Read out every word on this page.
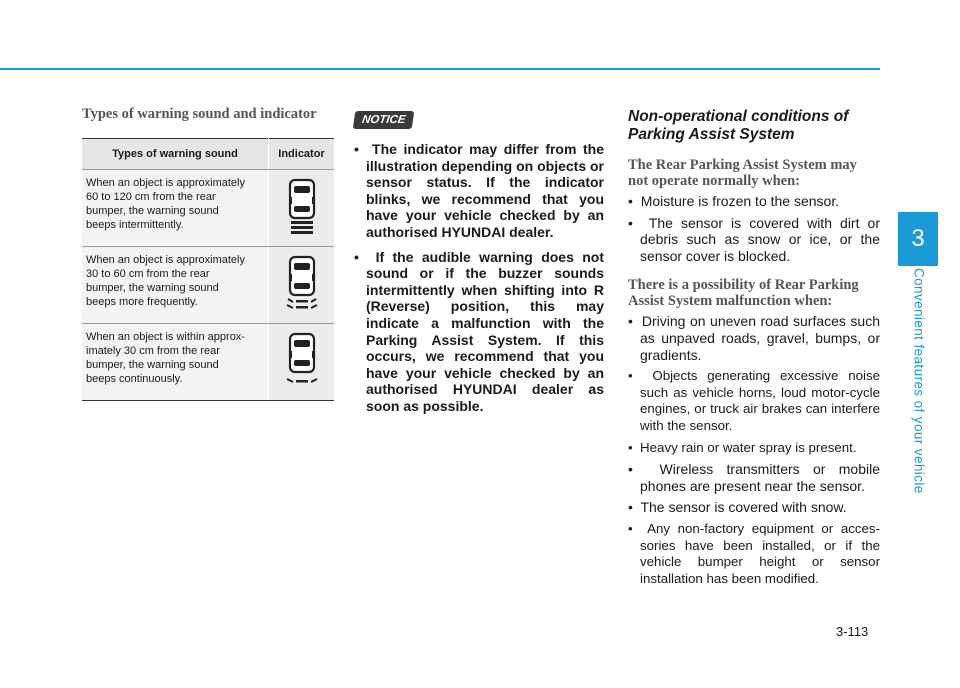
3
Convenient features of your vehicle
Types of warning sound and indicator
Types of warning sound	Indicator

When an object is approximately
60 to 120 cm from the rear
bumper, the warning sound
beeps intermittently.

When an object is approximately
30 to 60 cm from the rear
bumper, the warning sound
beeps more frequently.

When an object is within approx-
imately 30 cm from the rear
bumper, the warning sound
beeps continuously.

NOTICE
•  The indicator may differ from the illustration depending on objects or sensor status. If the indicator blinks, we recommend that you have your vehicle checked by an authorised HYUNDAI dealer.
•  If the audible warning does not sound or if the buzzer sounds intermittently when shifting into R (Reverse) position, this may indicate a malfunction with the Parking Assist System. If this occurs, we recommend that you have your vehicle checked by an authorised HYUNDAI dealer as soon as possible.
Non-operational conditions of Parking Assist System
The Rear Parking Assist System may not operate normally when:
•  Moisture is frozen to the sensor.
•  The sensor is covered with dirt or debris such as snow or ice, or the sensor cover is blocked.
There is a possibility of Rear Parking Assist System malfunction when:
•  Driving on uneven road surfaces such as unpaved roads, gravel, bumps, or gradients.
•  Objects generating excessive noise such as vehicle horns, loud motor-cycle engines, or truck air brakes can interfere with the sensor.
•  Heavy rain or water spray is present.
•  Wireless transmitters or mobile phones are present near the sensor.
•  The sensor is covered with snow.
•  Any non-factory equipment or acces-sories have been installed, or if the vehicle bumper height or sensor installation has been modified.
3-113
